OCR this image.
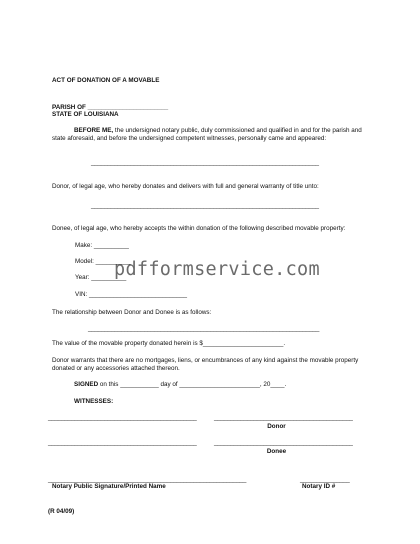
ACT OF DONATION OF A MOVABLE
PARISH OF _______________________
STATE OF LOUISIANA
BEFORE ME, the undersigned notary public, duly commissioned and qualified in and for the parish and state aforesaid, and before the undersigned competent witnesses, personally came and appeared:
_____________________________________________________________________
Donor, of legal age, who hereby donates and delivers with full and general warranty of title unto:
_____________________________________________________________________
Donee, of legal age, who hereby accepts the within donation of the following described movable property:
Make: __________
Model: __________
Year: __________
VIN: ____________________________
pdfformservice.com
The relationship between Donor and Donee is as follows:
______________________________________________________________________
The value of the movable property donated herein is $_______________________.
Donor warrants that there are no mortgages, liens, or encumbrances of any kind against the movable property donated or any accessories attached thereon.
SIGNED on this ___________ day of _______________________, 20____.
WITNESSES:
_____________________________________________	__________________________________________
Donor
_____________________________________________	__________________________________________
Donee
____________________________________________________________	_______________
Notary Public Signature/Printed Name	Notary ID #
(R 04/09)
